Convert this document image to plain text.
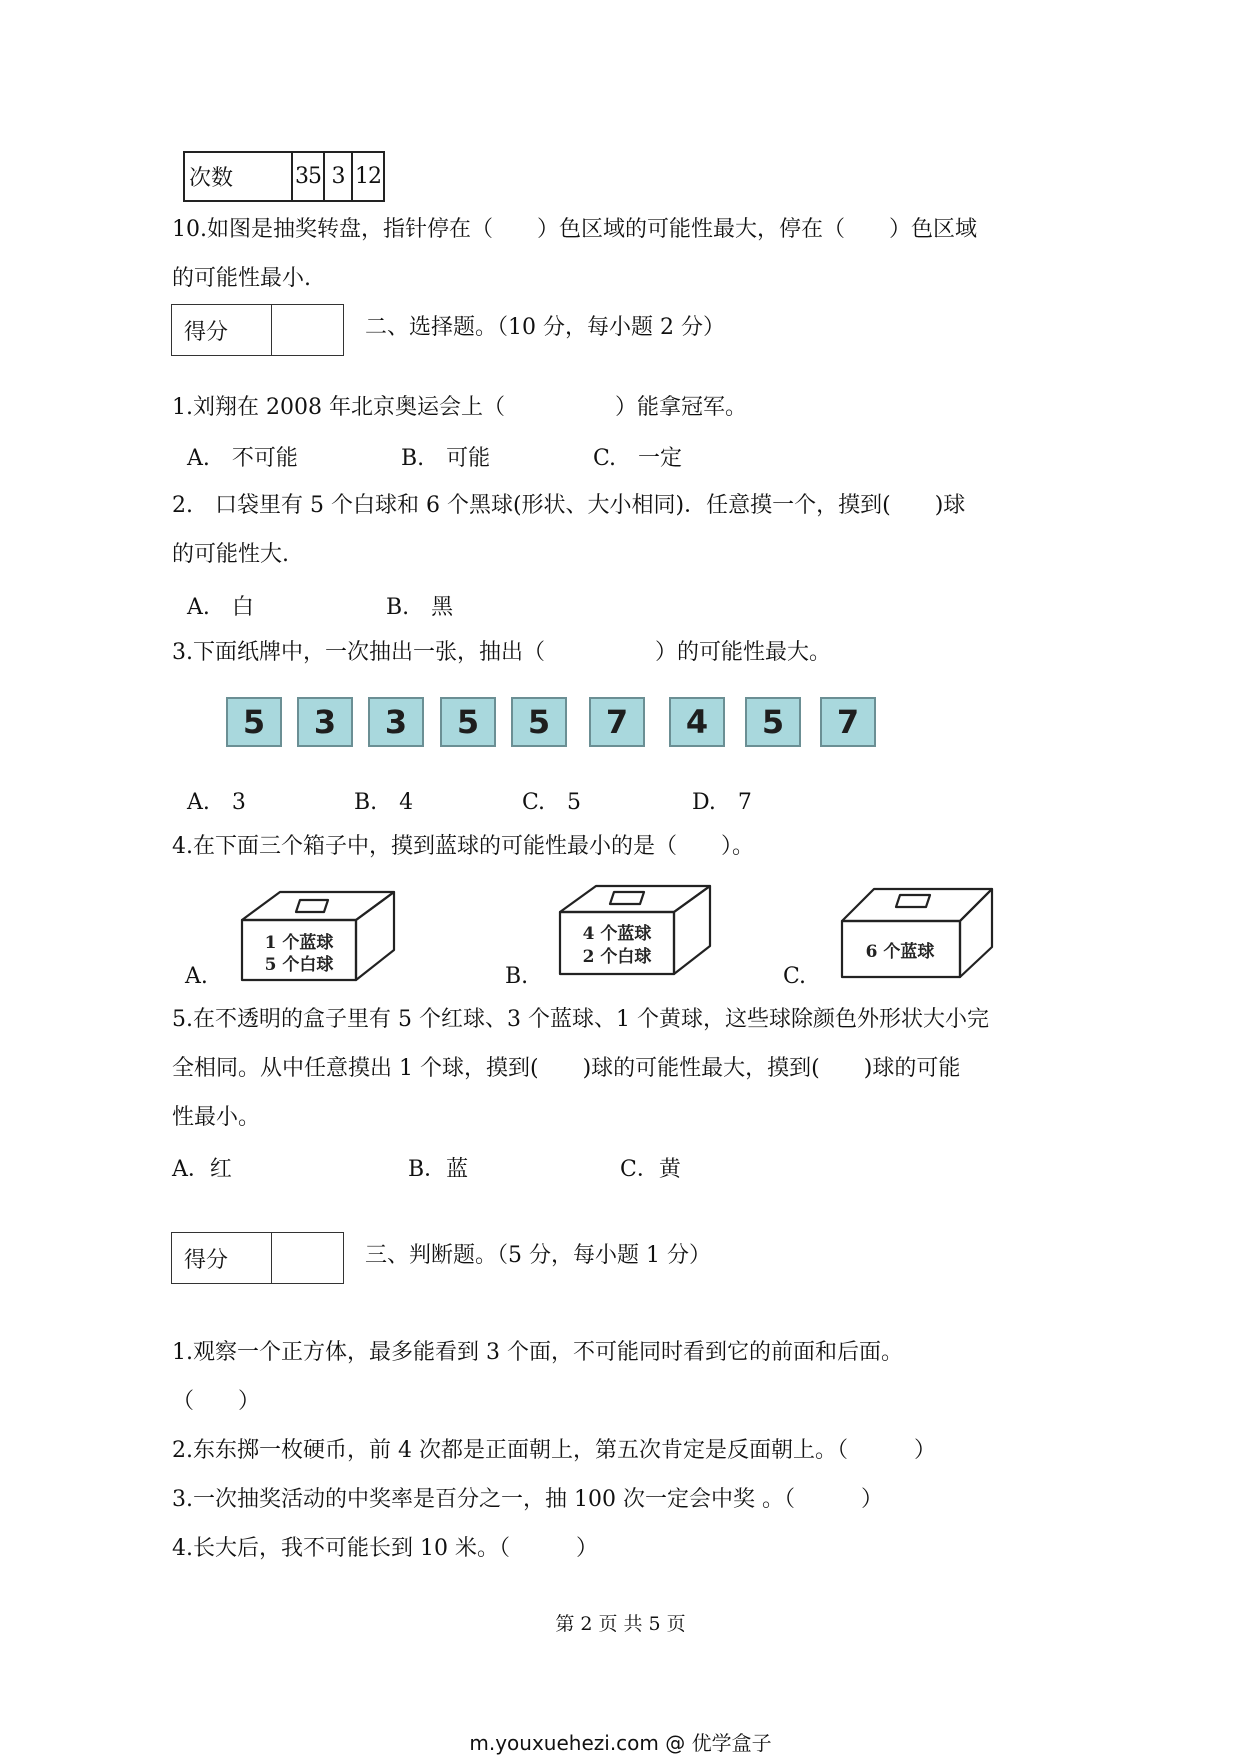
次数	35	3	12
10.如图是抽奖转盘，指针停在（　　）色区域的可能性最大，停在（　　）色区域
的可能性最小.
得分	二、选择题。（10 分，每小题 2 分）
1.刘翔在 2008 年北京奥运会上（　　　　　）能拿冠军。
A.　不可能	B.　可能	C.　一定
2.　口袋里有 5 个白球和 6 个黑球(形状、大小相同)．任意摸一个，摸到(　　)球
的可能性大.
A.　白	B.　黑
3.下面纸牌中，一次抽出一张，抽出（　　　　　）的可能性最大。
5	3	3	5	5	7	4	5	7
A.　3	B.　4	C.　5	D.　7
4.在下面三个箱子中，摸到蓝球的可能性最小的是（　　）。
A.	B.	C.
1 个蓝球
5 个白球
4 个蓝球
2 个白球	6 个蓝球
5.在不透明的盒子里有 5 个红球、3 个蓝球、1 个黄球，这些球除颜色外形状大小完
全相同。从中任意摸出 1 个球，摸到(　　)球的可能性最大，摸到(　　)球的可能
性最小。
A．红	B．蓝	C．黄
得分	三、判断题。（5 分，每小题 1 分）
1.观察一个正方体，最多能看到 3 个面，不可能同时看到它的前面和后面。
（　　）
2.东东掷一枚硬币，前 4 次都是正面朝上，第五次肯定是反面朝上。（　　　）
3.一次抽奖活动的中奖率是百分之一，抽 100 次一定会中奖 。（　　　）
4.长大后，我不可能长到 10 米。（　　　）
第 2 页 共 5 页
m.youxuehezi.com @ 优学盒子
